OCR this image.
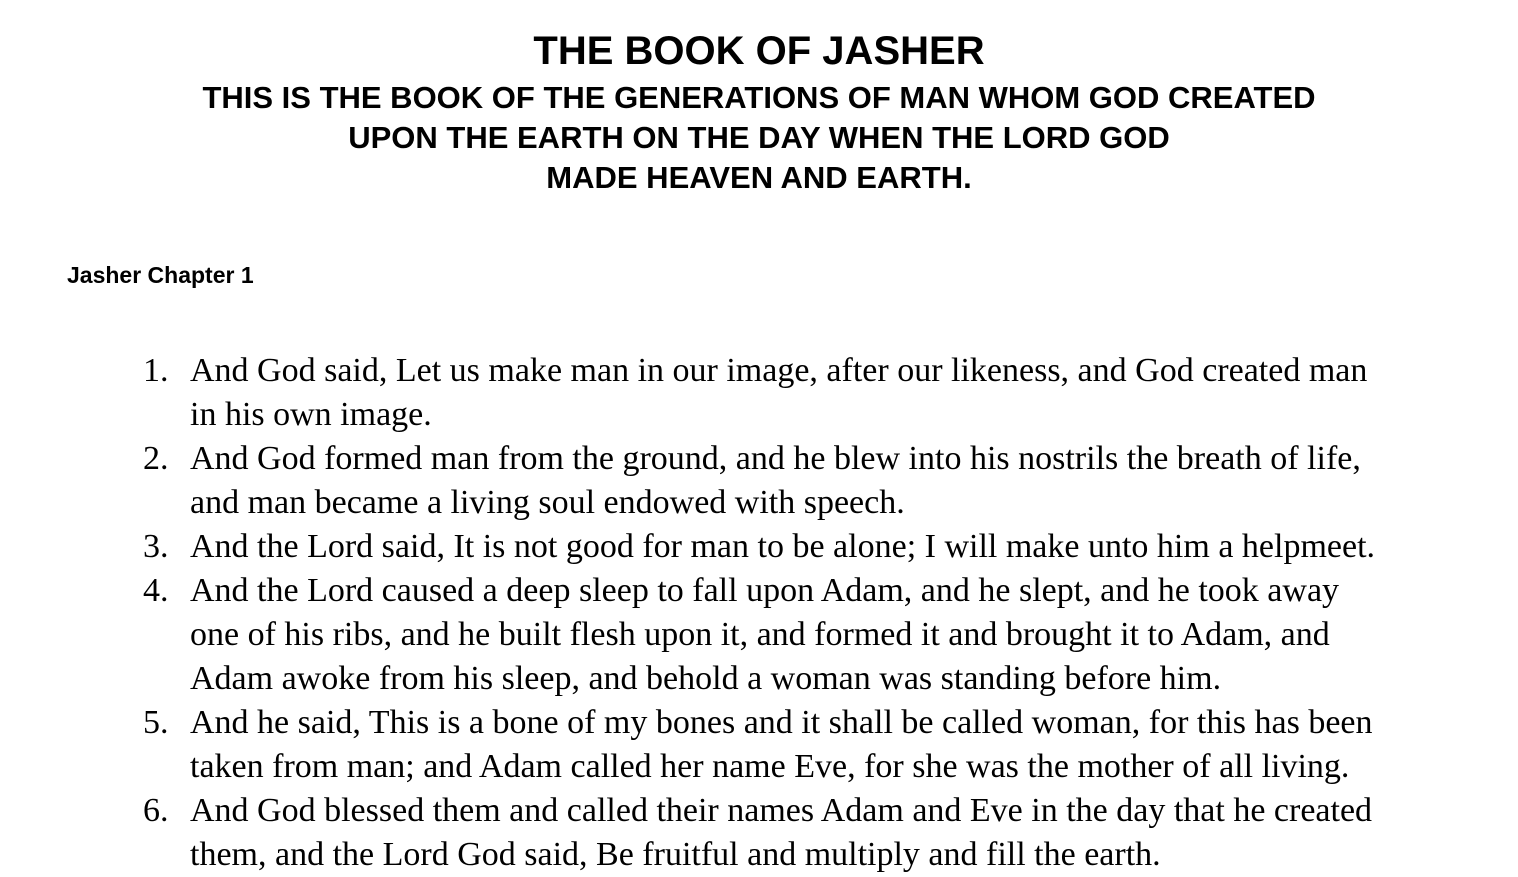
THE BOOK OF JASHER
THIS IS THE BOOK OF THE GENERATIONS OF MAN WHOM GOD CREATED
UPON THE EARTH ON THE DAY WHEN THE LORD GOD
MADE HEAVEN AND EARTH.
Jasher Chapter 1
1. And God said, Let us make man in our image, after our likeness, and God created man
in his own image.
2. And God formed man from the ground, and he blew into his nostrils the breath of life,
and man became a living soul endowed with speech.
3. And the Lord said, It is not good for man to be alone; I will make unto him a helpmeet.
4. And the Lord caused a deep sleep to fall upon Adam, and he slept, and he took away
one of his ribs, and he built flesh upon it, and formed it and brought it to Adam, and
Adam awoke from his sleep, and behold a woman was standing before him.
5. And he said, This is a bone of my bones and it shall be called woman, for this has been
taken from man; and Adam called her name Eve, for she was the mother of all living.
6. And God blessed them and called their names Adam and Eve in the day that he created
them, and the Lord God said, Be fruitful and multiply and fill the earth.
